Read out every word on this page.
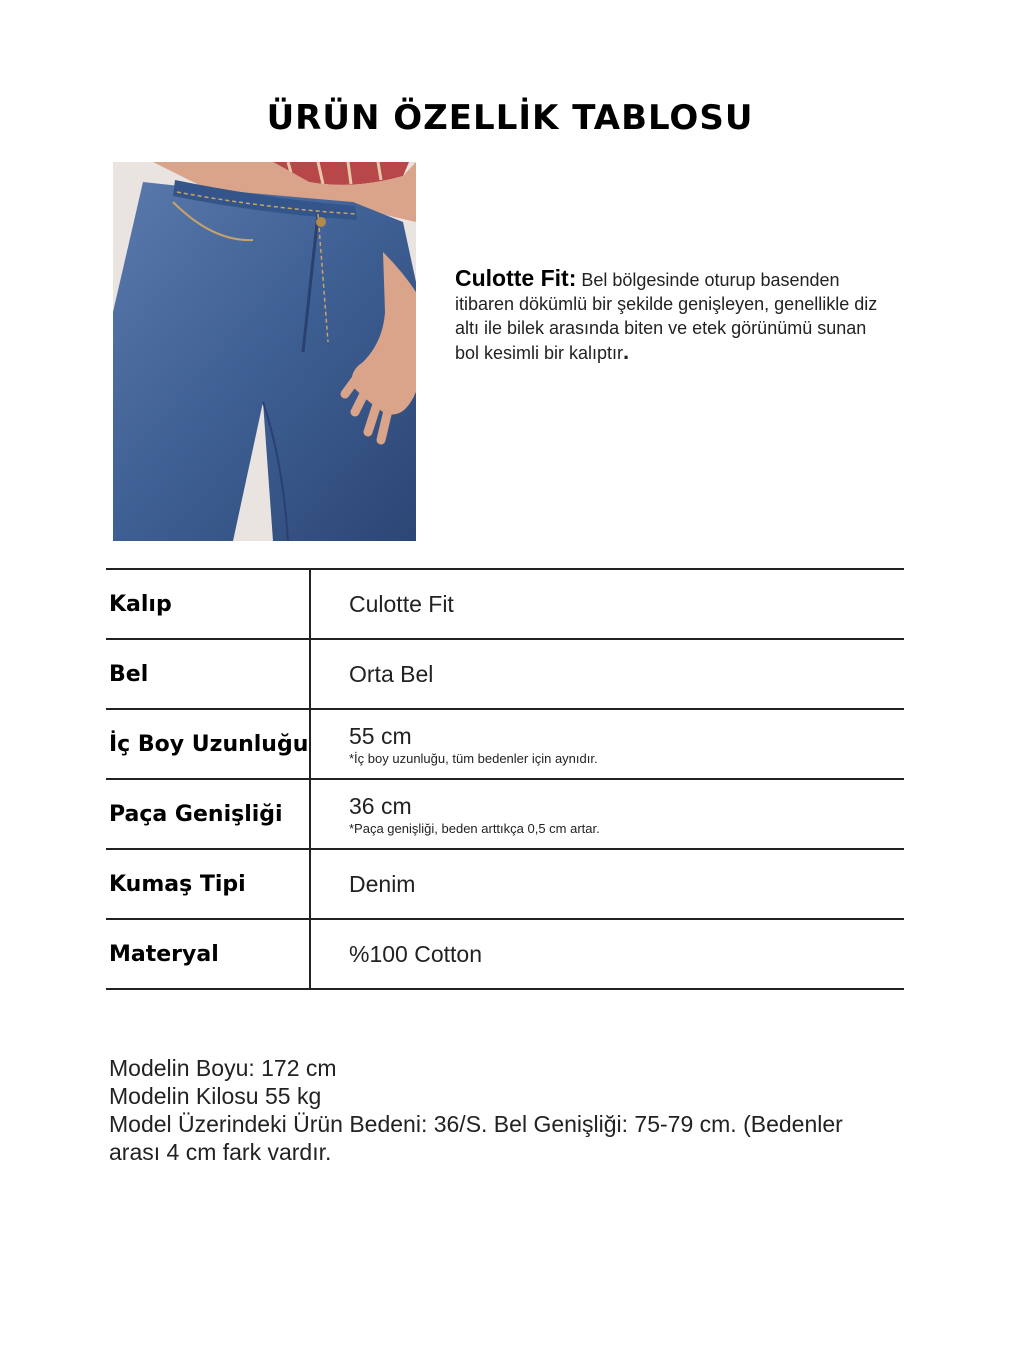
ÜRÜN ÖZELLİK TABLOSU
Culotte Fit: Bel bölgesinde oturup basenden itibaren dökümlü bir şekilde genişleyen, genellikle diz altı ile bilek arasında biten ve etek görünümü sunan bol kesimli bir kalıptır.
Kalıp	Culotte Fit
Bel	Orta Bel
İç Boy Uzunluğu	55 cm
*İç boy uzunluğu, tüm bedenler için aynıdır.

Paça Genişliği	36 cm
*Paça genişliği, beden arttıkça 0,5 cm artar.

Kumaş Tipi	Denim
Materyal	%100 Cotton
Modelin Boyu: 172 cm
Modelin Kilosu 55 kg
Model Üzerindeki Ürün Bedeni: 36/S. Bel Genişliği: 75-79 cm. (Bedenler arası 4 cm fark vardır.
